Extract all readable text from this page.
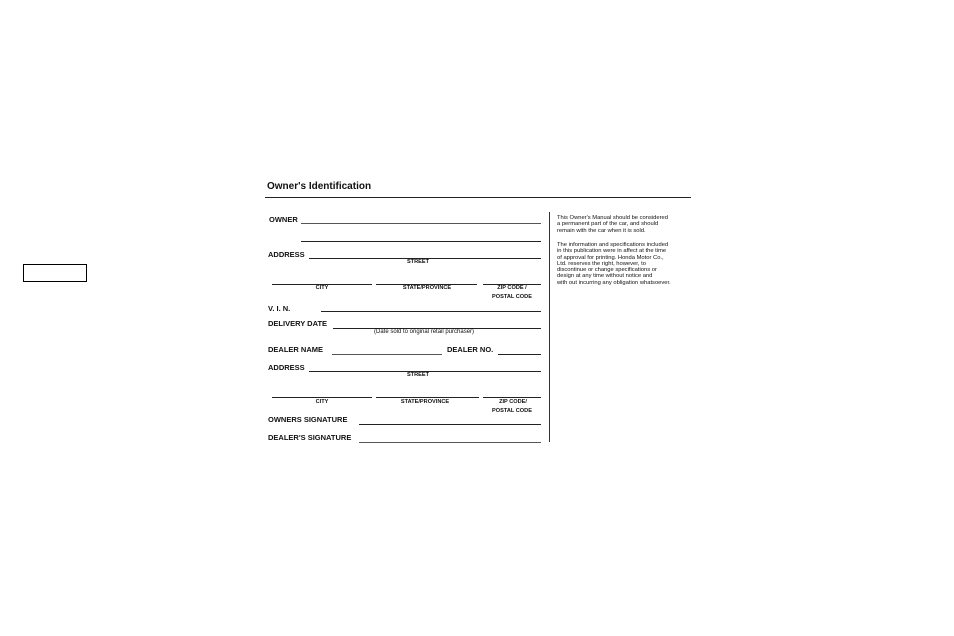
Owner's Identification
OWNER
ADDRESS
STREET
CITY	STATE/PROVINCE	ZIP CODE /
POSTAL CODE
V. I. N.
DELIVERY DATE
(Date sold to original retail purchaser)
DEALER NAME	DEALER NO.
ADDRESS
STREET
CITY	STATE/PROVINCE	ZIP CODE/
POSTAL CODE
OWNERS SIGNATURE
DEALER'S SIGNATURE
This Owner's Manual should be considered
a permanent part of the car, and should
remain with the car when it is sold.
The information and specifications included
in this publication were in affect at the time
of approval for printing. Honda Motor Co.,
Ltd. reserves the right, however, to
discontinue or change specifications or
design at any time without notice and
with out incurring any obligation whatsoever.
